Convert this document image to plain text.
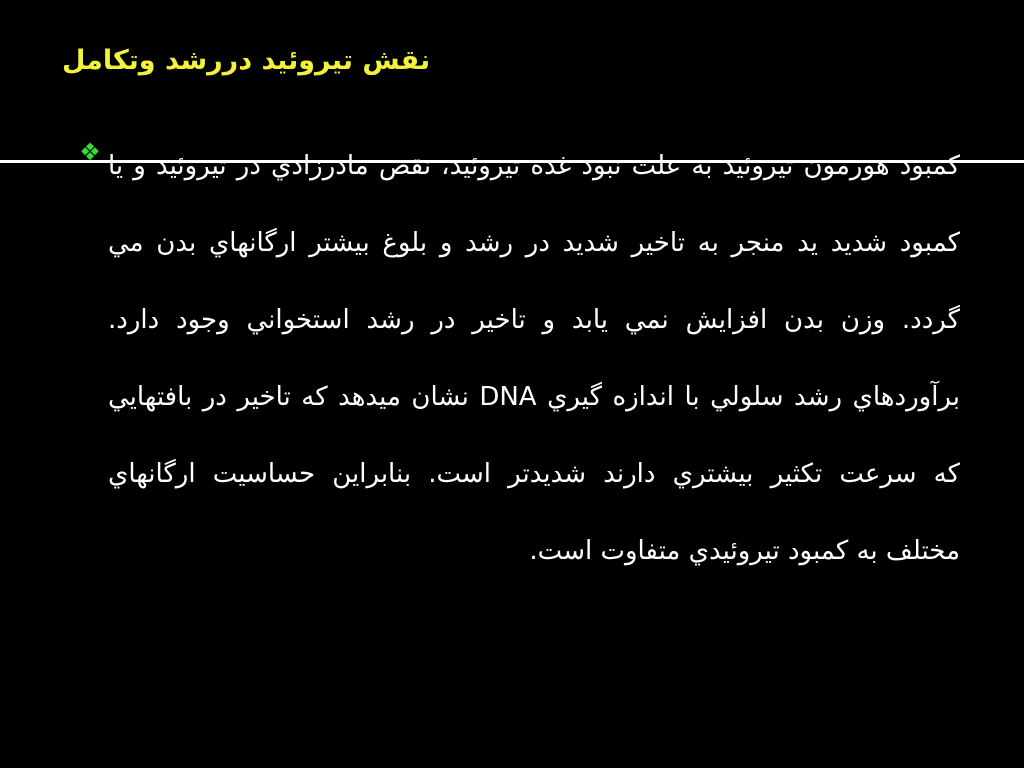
نقش تيروئيد دررشد وتكامل
❖ كمبود هورمون تيروئيد به علت نبود غده تيروئيد، نقص مادرزادي در تيروئيد و يا كمبود شديد يد منجر به تاخير شديد در رشد و بلوغ بيشتر ارگانهاي بدن مي گردد. وزن بدن افزايش نمي يابد و تاخير در رشد استخواني وجود دارد. برآوردهاي رشد سلولي با اندازه گيري DNA نشان ميدهد كه تاخير در بافتهايي كه سرعت تكثير بيشتري دارند شديدتر است. بنابراين حساسيت ارگانهاي مختلف به كمبود تيروئيدي متفاوت است.
